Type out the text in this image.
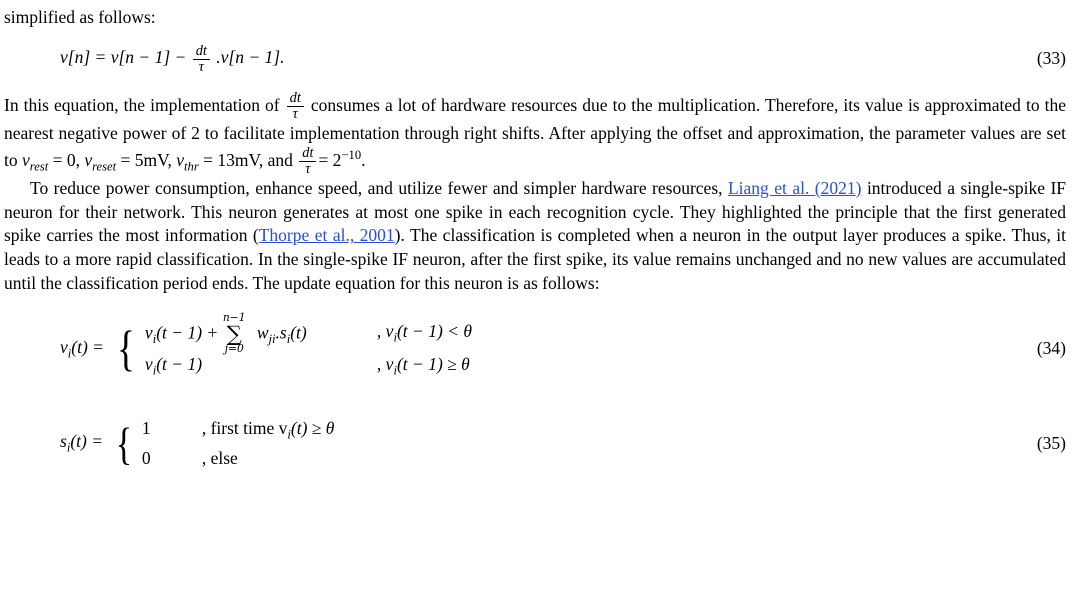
simplified as follows:
$v[n] = v[n - 1] - \frac{dt}{\tau} .v[n - 1]$.	(33)
In this equation, the implementation of $\frac{dt}{\tau}$ consumes a lot of hardware resources due to the multiplication. Therefore, its value is approximated to the nearest negative power of 2 to facilitate implementation through right shifts. After applying the offset and approximation, the parameter values are set to $v_{rest} = 0$, $v_{reset} = 5mV$, $v_{thr} = 13mV$, and $\frac{dt}{\tau} = 2^{-10}$.
To reduce power consumption, enhance speed, and utilize fewer and simpler hardware resources, Liang et al. (2021) introduced a single-spike IF neuron for their network. This neuron generates at most one spike in each recognition cycle. They highlighted the principle that the first generated spike carries the most information (Thorpe et al., 2001). The classification is completed when a neuron in the output layer produces a spike. Thus, it leads to a more rapid classification. In the single-spike IF neuron, after the first spike, its value remains unchanged and no new values are accumulated until the classification period ends. The update equation for this neuron is as follows:
$v_i(t)$ = { $v_i(t - 1)$ +
n−1
∑
j=0
$w_{ji}.s_i(t)$	, $v_i(t - 1) < \theta$
$v_i(t - 1)$	, $v_i(t - 1) \ge \theta$
(34)
$s_i(t)$ = { 1	, first time $v_i(t) \ge \theta$
0	, else
(35)
